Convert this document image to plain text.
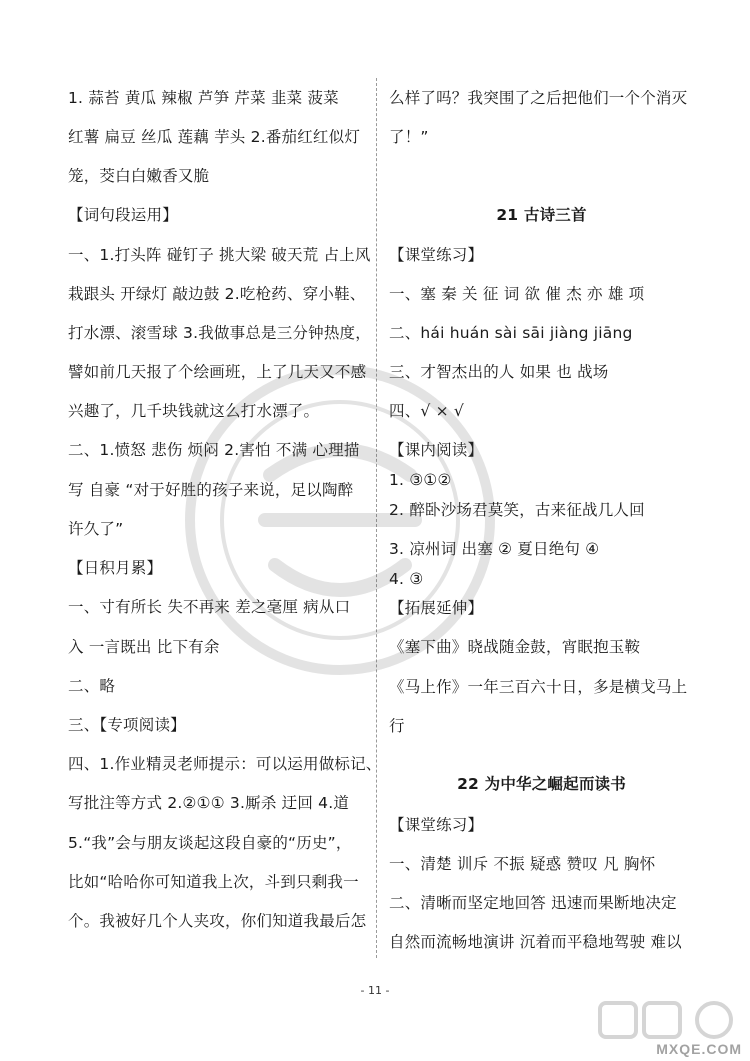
1. 蒜苔 黄瓜 辣椒 芦笋 芹菜 韭菜 菠菜
红薯 扁豆 丝瓜 莲藕 芋头 2.番茄红红似灯
笼，茭白白嫩香又脆
【词句段运用】
一、1.打头阵 碰钉子 挑大梁 破天荒 占上风
栽跟头 开绿灯 敲边鼓 2.吃枪药、穿小鞋、
打水漂、滚雪球 3.我做事总是三分钟热度，
譬如前几天报了个绘画班，上了几天又不感
兴趣了，几千块钱就这么打水漂了。
二、1.愤怒 悲伤 烦闷 2.害怕 不满 心理描
写 自豪 “对于好胜的孩子来说，足以陶醉
许久了”
【日积月累】
一、寸有所长 失不再来 差之毫厘 病从口
入 一言既出 比下有余
二、略
三、【专项阅读】
四、1.作业精灵老师提示：可以运用做标记、
写批注等方式 2.②①① 3.厮杀 迂回 4.道
5.“我”会与朋友谈起这段自豪的“历史”，
比如“哈哈你可知道我上次，斗到只剩我一
个。我被好几个人夹攻，你们知道我最后怎
么样了吗？我突围了之后把他们一个个消灭
了！”
21 古诗三首
【课堂练习】
一、塞 秦 关 征 词 欲 催 杰 亦 雄 项
二、hái huán sài sāi jiàng jiāng
三、才智杰出的人 如果 也 战场
四、√ × √
【课内阅读】
1. ③①②
2. 醉卧沙场君莫笑，古来征战几人回
3. 凉州词 出塞 ② 夏日绝句 ④
4. ③
【拓展延伸】
《塞下曲》晓战随金鼓，宵眠抱玉鞍
《马上作》一年三百六十日，多是横戈马上
行
22 为中华之崛起而读书
【课堂练习】
一、清楚 训斥 不振 疑惑 赞叹 凡 胸怀
二、清晰而坚定地回答 迅速而果断地决定
自然而流畅地演讲 沉着而平稳地驾驶 难以
- 11 -
MXQE.COM
